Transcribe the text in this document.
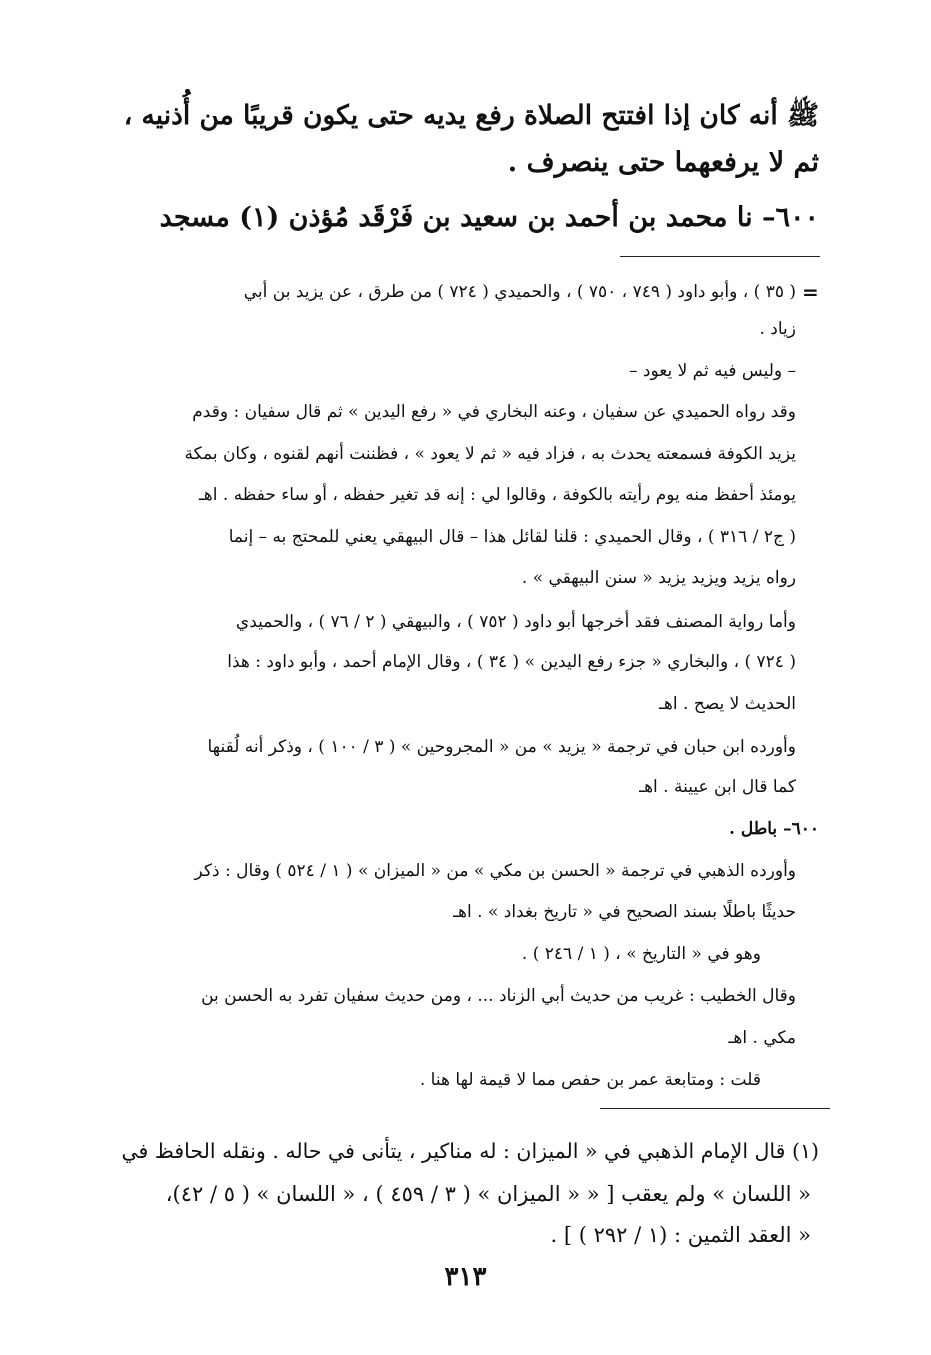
ﷺ أنه كان إذا افتتح الصلاة رفع يديه حتى يكون قريبًا من أُذنيه ،
ثم لا يرفعهما حتى ينصرف .
٦٠٠– نا محمد بن أحمد بن سعيد بن فَرْقَد مُؤذن (١) مسجد
=
( ٣٥ ) ، وأبو داود ( ٧٤٩ ، ٧٥٠ ) ، والحميدي ( ٧٢٤ ) من طرق ، عن يزيد بن أبي
زياد .
– وليس فيه ثم لا يعود –
وقد رواه الحميدي عن سفيان ، وعنه البخاري في « رفع اليدين » ثم قال سفيان : وقدم
يزيد الكوفة فسمعته يحدث به ، فزاد فيه « ثم لا يعود » ، فظننت أنهم لقنوه ، وكان بمكة
يومئذ أحفظ منه يوم رأيته بالكوفة ، وقالوا لي : إنه قد تغير حفظه ، أو ساء حفظه . اهـ
( ج٢ / ٣١٦ ) ، وقال الحميدي : قلنا لقائل هذا – قال البيهقي يعني للمحتج به – إنما
رواه يزيد ويزيد يزيد « سنن البيهقي » .
وأما رواية المصنف فقد أخرجها أبو داود ( ٧٥٢ ) ، والبيهقي ( ٢ / ٧٦ ) ، والحميدي
( ٧٢٤ ) ، والبخاري « جزء رفع اليدين » ( ٣٤ ) ، وقال الإمام أحمد ، وأبو داود : هذا
الحديث لا يصح . اهـ
وأورده ابن حبان في ترجمة « يزيد » من « المجروحين » ( ٣ / ١٠٠ ) ، وذكر أنه لُقنها
كما قال ابن عيينة . اهـ
٦٠٠– باطل .
وأورده الذهبي في ترجمة « الحسن بن مكي » من « الميزان » ( ١ / ٥٢٤ ) وقال : ذكر
حديثًا باطلًا بسند الصحيح في « تاريخ بغداد » . اهـ
وهو في « التاريخ » ، ( ١ / ٢٤٦ ) .
وقال الخطيب : غريب من حديث أبي الزناد ... ، ومن حديث سفيان تفرد به الحسن بن
مكي . اهـ
قلت : ومتابعة عمر بن حفص مما لا قيمة لها هنا .
(١) قال الإمام الذهبي في « الميزان : له مناكير ، يتأنى في حاله . ونقله الحافظ في
« اللسان » ولم يعقب [ « « الميزان » ( ٣ / ٤٥٩ ) ، « اللسان » ( ٥ / ٤٢)،
« العقد الثمين : (١ / ٢٩٢ ) ] .
٣١٣
